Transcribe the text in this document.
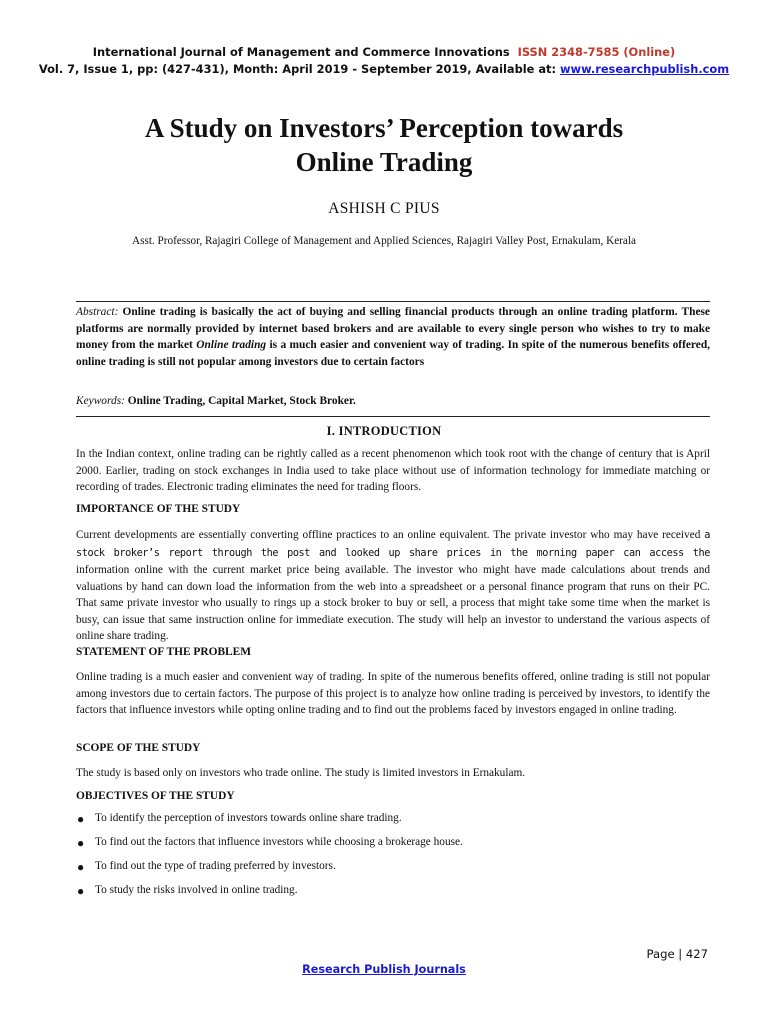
International Journal of Management and Commerce Innovations ISSN 2348-7585 (Online)
Vol. 7, Issue 1, pp: (427-431), Month: April 2019 - September 2019, Available at: www.researchpublish.com
A Study on Investors’ Perception towards
Online Trading
ASHISH C PIUS
Asst. Professor, Rajagiri College of Management and Applied Sciences, Rajagiri Valley Post, Ernakulam, Kerala
Abstract: Online trading is basically the act of buying and selling financial products through an online trading platform. These platforms are normally provided by internet based brokers and are available to every single person who wishes to try to make money from the market Online trading is a much easier and convenient way of trading. In spite of the numerous benefits offered, online trading is still not popular among investors due to certain factors
Keywords: Online Trading, Capital Market, Stock Broker.
I. INTRODUCTION

In the Indian context, online trading can be rightly called as a recent phenomenon which took root with the change of century that is April 2000. Earlier, trading on stock exchanges in India used to take place without use of information technology for immediate matching or recording of trades. Electronic trading eliminates the need for trading floors.

IMPORTANCE OF THE STUDY

Current developments are essentially converting offline practices to an online equivalent. The private investor who may have received a stock broker’s report through the post and looked up share prices in the morning paper can access the information online with the current market price being available. The investor who might have made calculations about trends and valuations by hand can down load the information from the web into a spreadsheet or a personal finance program that runs on their PC. That same private investor who usually to rings up a stock broker to buy or sell, a process that might take some time when the market is busy, can issue that same instruction online for immediate execution. The study will help an investor to understand the various aspects of online share trading.

STATEMENT OF THE PROBLEM

Online trading is a much easier and convenient way of trading. In spite of the numerous benefits offered, online trading is still not popular among investors due to certain factors. The purpose of this project is to analyze how online trading is perceived by investors, to identify the factors that influence investors while opting online trading and to find out the problems faced by investors engaged in online trading.

SCOPE OF THE STUDY

The study is based only on investors who trade online. The study is limited investors in Ernakulam.

OBJECTIVES OF THE STUDY

● To identify the perception of investors towards online share trading.
● To find out the factors that influence investors while choosing a brokerage house.
● To find out the type of trading preferred by investors.
● To study the risks involved in online trading.
Page | 427
Research Publish Journals
